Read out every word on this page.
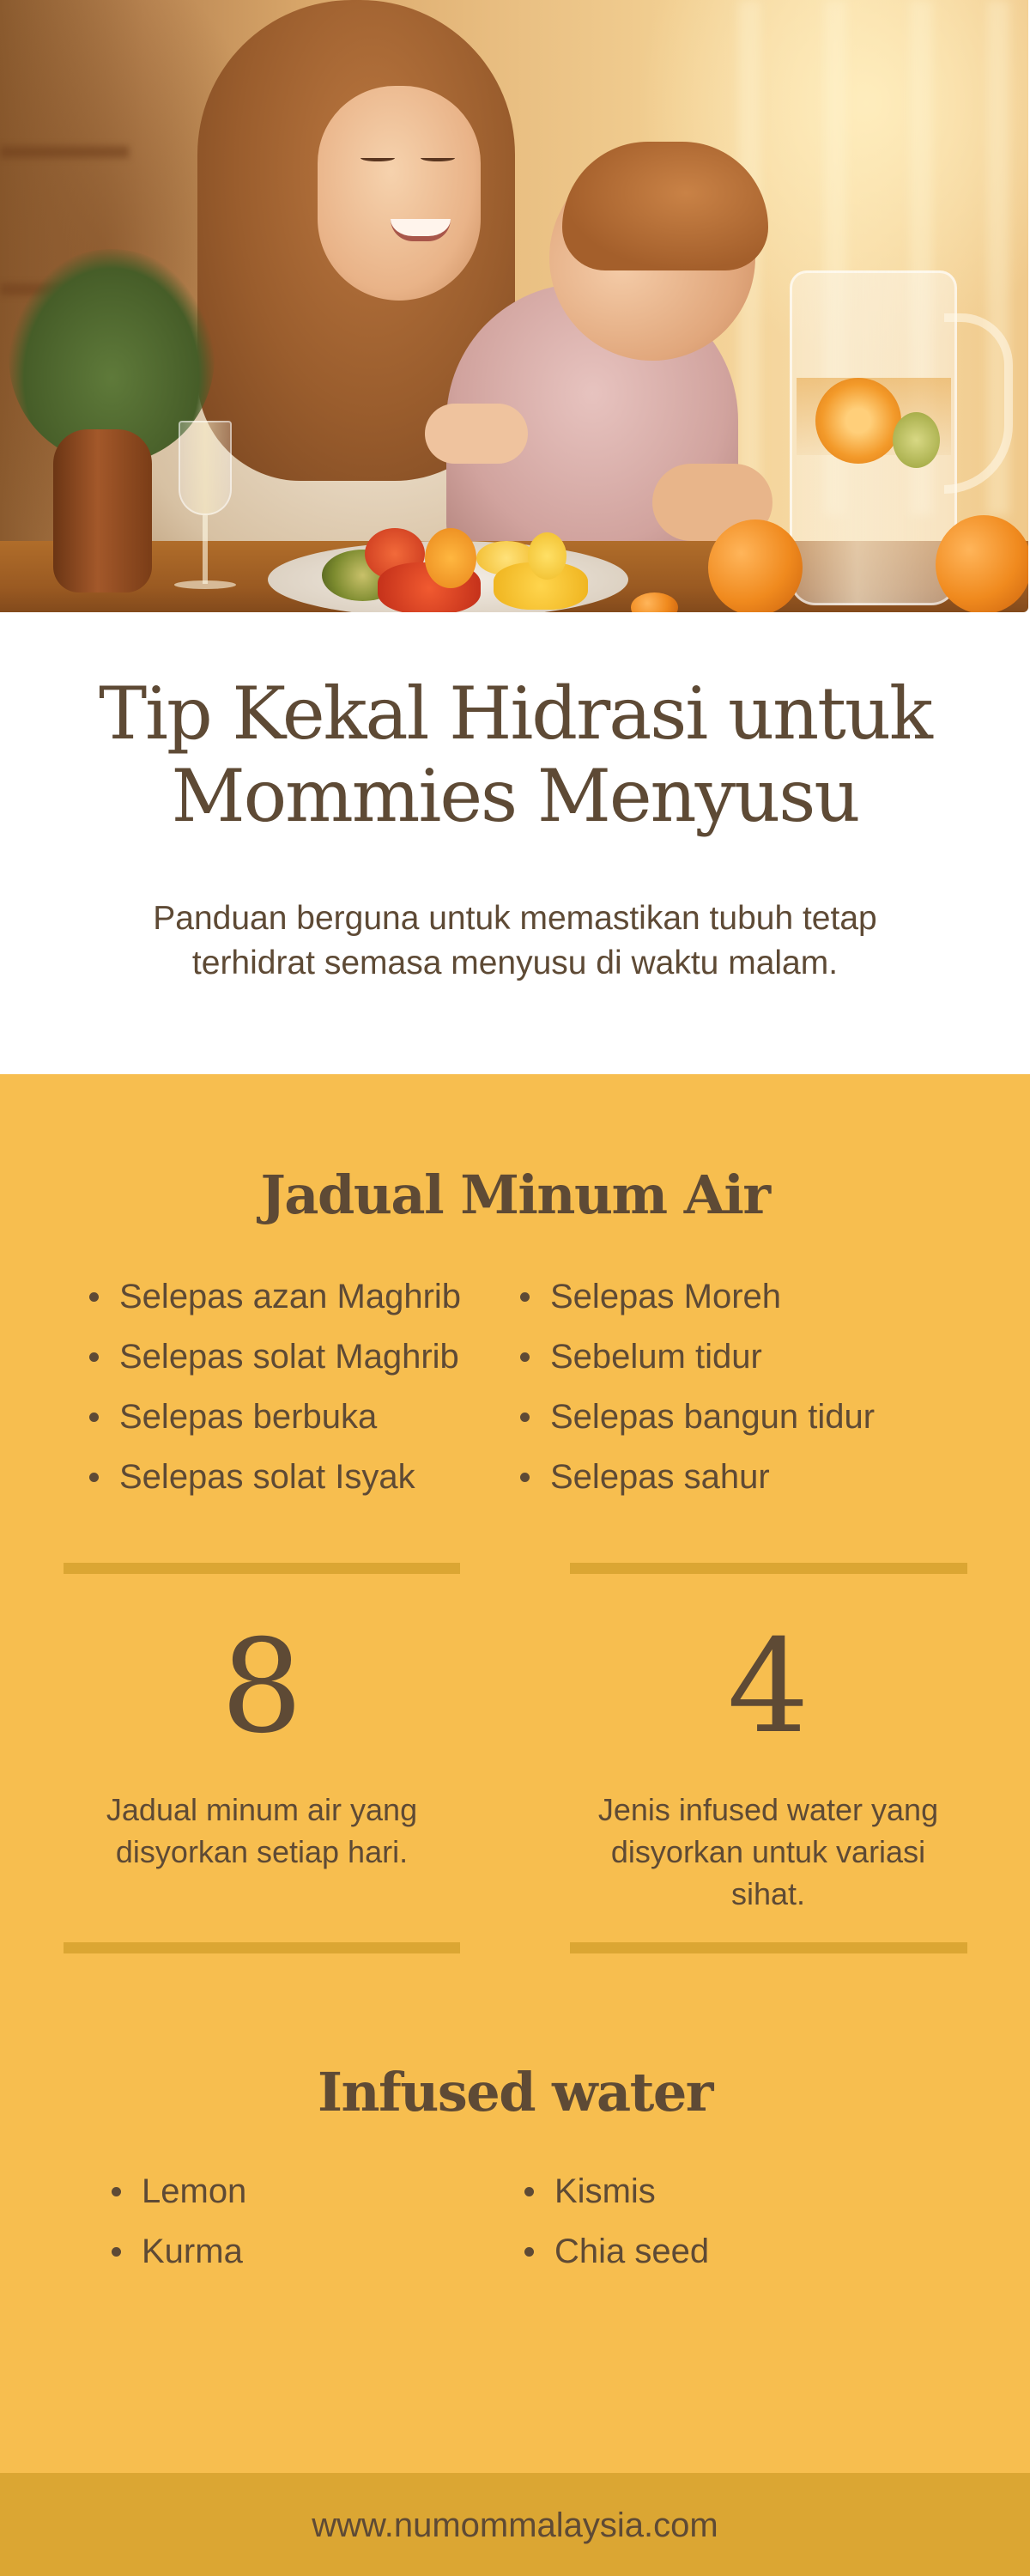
Tip Kekal Hidrasi untuk
Mommies Menyusu

Panduan berguna untuk memastikan tubuh tetap
terhidrat semasa menyusu di waktu malam.

Jadual Minum Air
Selepas azan Maghrib
Selepas solat Maghrib
Selepas berbuka
Selepas solat Isyak
Selepas Moreh
Sebelum tidur
Selepas bangun tidur
Selepas sahur
8
Jadual minum air yang
disyorkan setiap hari.
4
Jenis infused water yang
disyorkan untuk variasi
sihat.
Infused water
Lemon
Kurma
Kismis
Chia seed
www.numommalaysia.com
